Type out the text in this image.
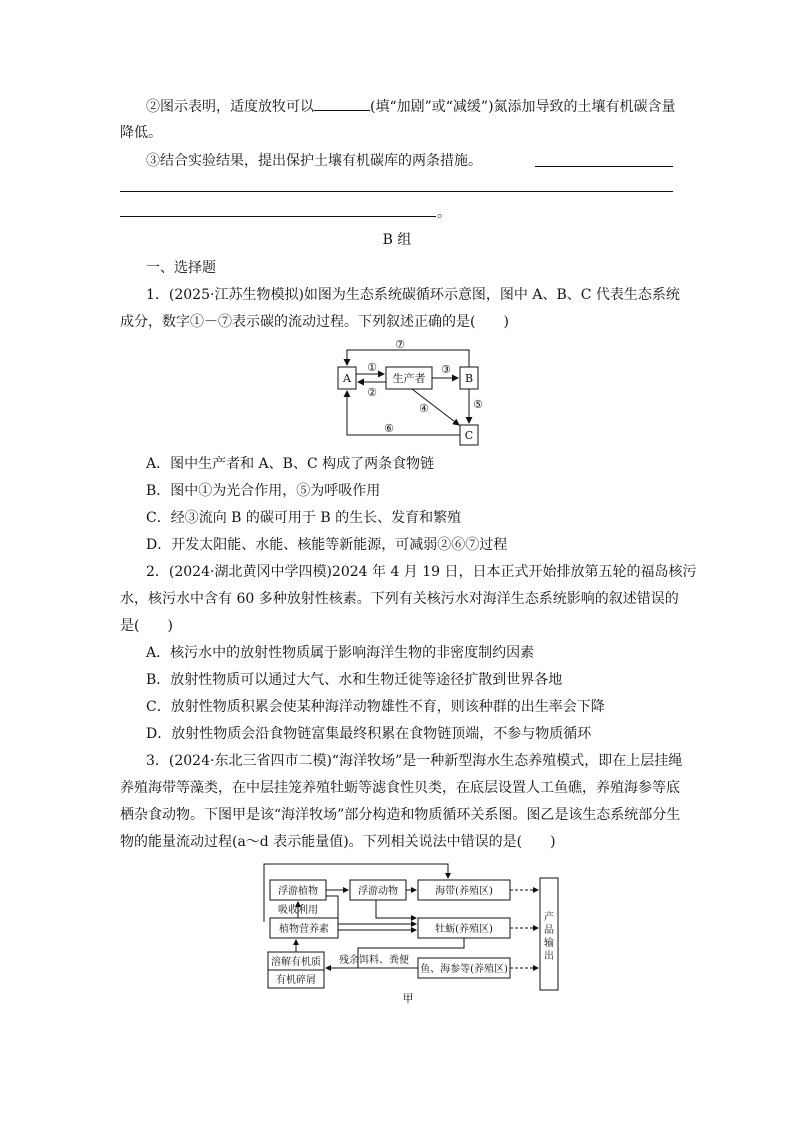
②图示表明，适度放牧可以	(填“加剧”或“减缓”)氮添加导致的土壤有机碳含量
降低。
③结合实验结果，提出保护土壤有机碳库的两条措施。
。
B 组
一、选择题
1．(2025·江苏生物模拟)如图为生态系统碳循环示意图，图中 A、B、C 代表生态系统
成分，数字①－⑦表示碳的流动过程。下列叙述正确的是(　　)
A	生产者	B
C
⑦
①
②
③
④	⑤
⑥
A．图中生产者和 A、B、C 构成了两条食物链
B．图中①为光合作用，⑤为呼吸作用
C．经③流向 B 的碳可用于 B 的生长、发育和繁殖
D．开发太阳能、水能、核能等新能源，可减弱②⑥⑦过程
2．(2024·湖北黄冈中学四模)2024 年 4 月 19 日，日本正式开始排放第五轮的福岛核污
水，核污水中含有 60 多种放射性核素。下列有关核污水对海洋生态系统影响的叙述错误的
是(　　)
A．核污水中的放射性物质属于影响海洋生物的非密度制约因素
B．放射性物质可以通过大气、水和生物迁徙等途径扩散到世界各地
C．放射性物质积累会使某种海洋动物雄性不育，则该种群的出生率会下降
D．放射性物质会沿食物链富集最终积累在食物链顶端，不参与物质循环
3．(2024·东北三省四市二模)“海洋牧场”是一种新型海水生态养殖模式，即在上层挂绳
养殖海带等藻类，在中层挂笼养殖牡蛎等滤食性贝类，在底层设置人工鱼礁，养殖海参等底
栖杂食动物。下图甲是该“海洋牧场”部分构造和物质循环关系图。图乙是该生态系统部分生
物的能量流动过程(a～d 表示能量值)。下列相关说法中错误的是(　　)
浮游植物	浮游动物	海带(养殖区)
吸收利用
植物营养素	牡蛎(养殖区)
溶解有机质
有机碎屑
残余饵料、粪便
鱼、海参等(养殖区)
甲
产品输出
